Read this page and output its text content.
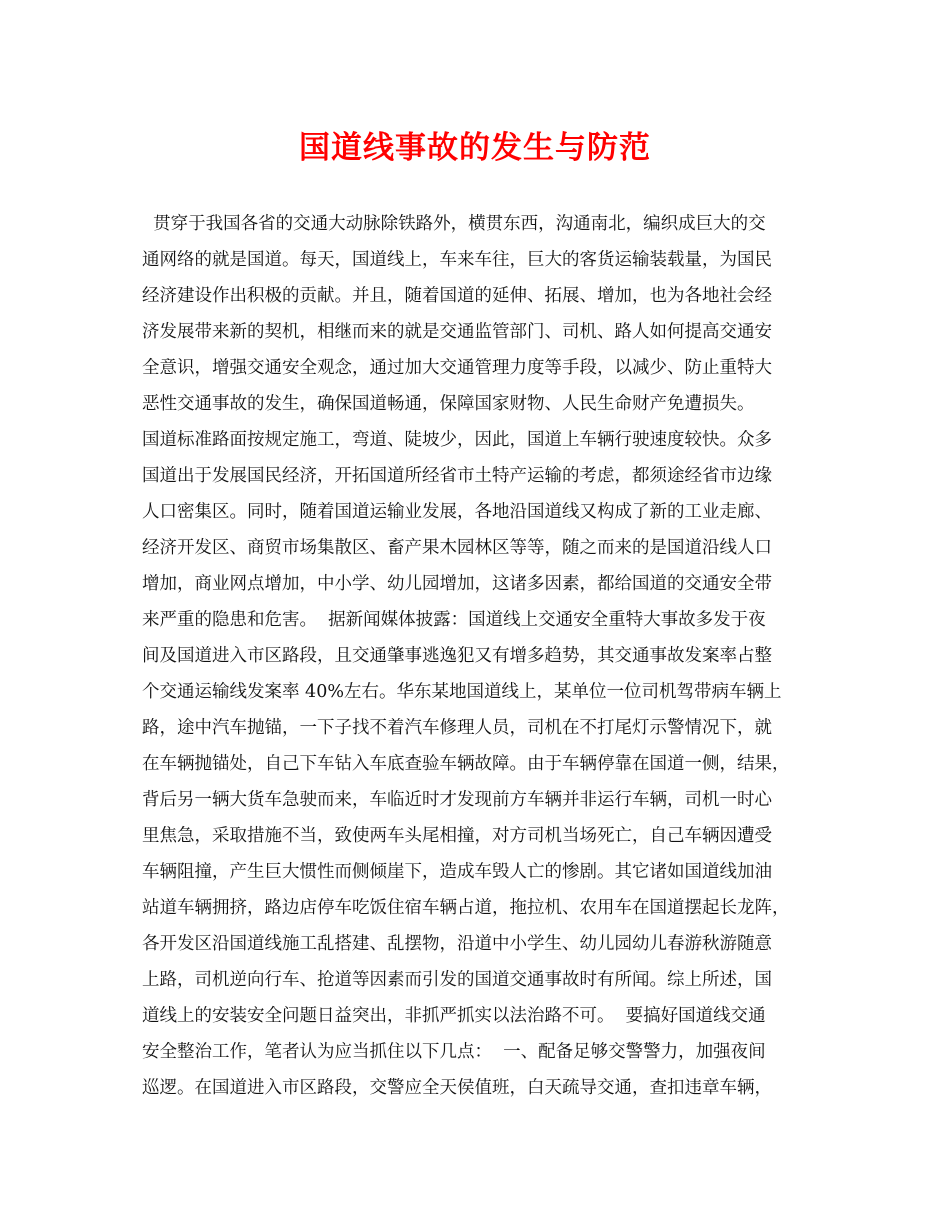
国道线事故的发生与防范
贯穿于我国各省的交通大动脉除铁路外，横贯东西，沟通南北，编织成巨大的交
通网络的就是国道。每天，国道线上，车来车往，巨大的客货运输装载量，为国民
经济建设作出积极的贡献。并且，随着国道的延伸、拓展、增加，也为各地社会经
济发展带来新的契机，相继而来的就是交通监管部门、司机、路人如何提高交通安
全意识，增强交通安全观念，通过加大交通管理力度等手段，以减少、防止重特大
恶性交通事故的发生，确保国道畅通，保障国家财物、人民生命财产免遭损失。
国道标准路面按规定施工，弯道、陡坡少，因此，国道上车辆行驶速度较快。众多
国道出于发展国民经济，开拓国道所经省市土特产运输的考虑，都须途经省市边缘
人口密集区。同时，随着国道运输业发展，各地沿国道线又构成了新的工业走廊、
经济开发区、商贸市场集散区、畜产果木园林区等等，随之而来的是国道沿线人口
增加，商业网点增加，中小学、幼儿园增加，这诸多因素，都给国道的交通安全带
来严重的隐患和危害。  据新闻媒体披露：国道线上交通安全重特大事故多发于夜
间及国道进入市区路段，且交通肇事逃逸犯又有增多趋势，其交通事故发案率占整
个交通运输线发案率 40%左右。华东某地国道线上，某单位一位司机驾带病车辆上
路，途中汽车抛锚，一下子找不着汽车修理人员，司机在不打尾灯示警情况下，就
在车辆抛锚处，自己下车钻入车底查验车辆故障。由于车辆停靠在国道一侧，结果，
背后另一辆大货车急驶而来，车临近时才发现前方车辆并非运行车辆，司机一时心
里焦急，采取措施不当，致使两车头尾相撞，对方司机当场死亡，自己车辆因遭受
车辆阻撞，产生巨大惯性而侧倾崖下，造成车毁人亡的惨剧。其它诸如国道线加油
站道车辆拥挤，路边店停车吃饭住宿车辆占道，拖拉机、农用车在国道摆起长龙阵，
各开发区沿国道线施工乱搭建、乱摆物，沿道中小学生、幼儿园幼儿春游秋游随意
上路，司机逆向行车、抢道等因素而引发的国道交通事故时有所闻。综上所述，国
道线上的安装安全问题日益突出，非抓严抓实以法治路不可。  要搞好国道线交通
安全整治工作，笔者认为应当抓住以下几点：  一、配备足够交警警力，加强夜间
巡逻。在国道进入市区路段，交警应全天侯值班，白天疏导交通，查扣违章车辆，
